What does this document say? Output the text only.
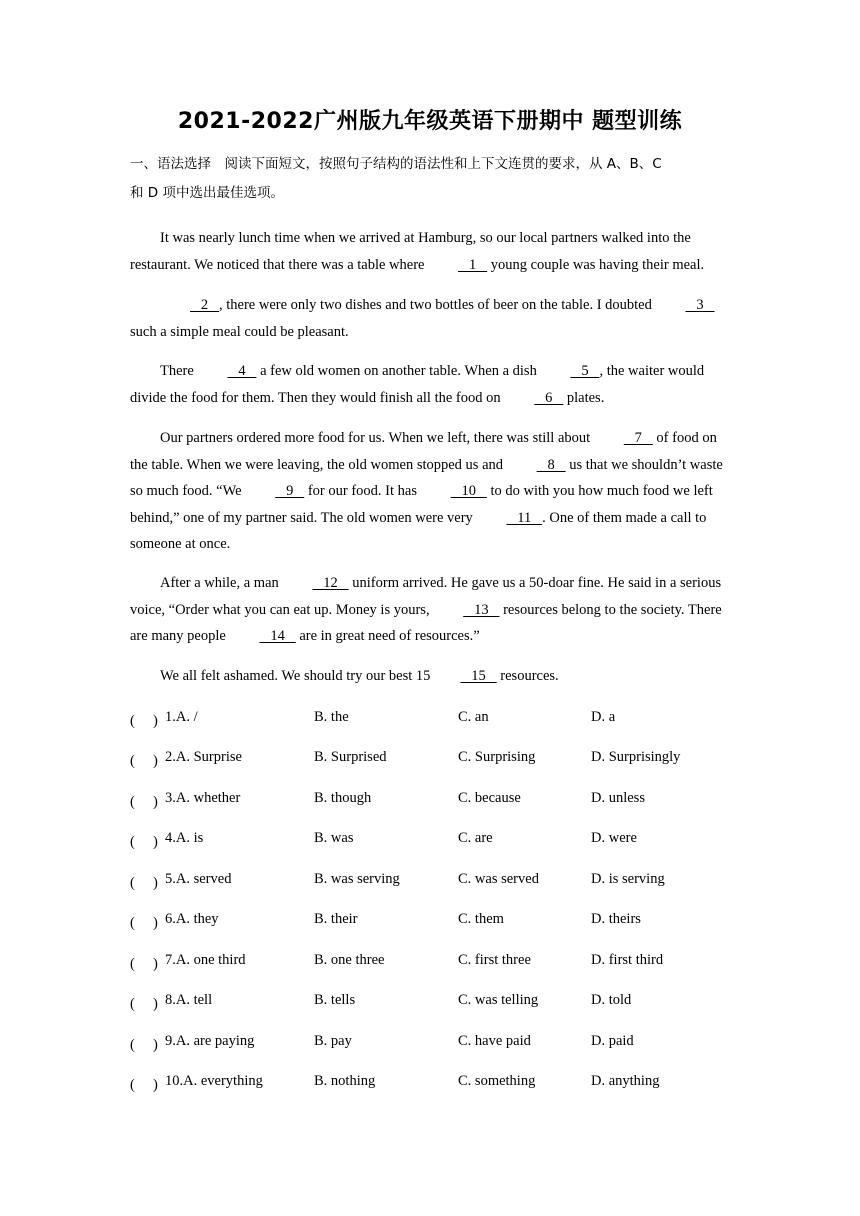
2021-2022广州版九年级英语下册期中 题型训练
一、语法选择　阅读下面短文，按照句子结构的语法性和上下文连贯的要求，从 A、B、C
和 D 项中选出最佳选项。
It was nearly lunch time when we arrived at Hamburg, so our local partners walked into the restaurant. We noticed that there was a table where    1    young couple was having their meal.
2   , there were only two dishes and two bottles of beer on the table. I doubted    3    such a simple meal could be pleasant.
There    4    a few old women on another table. When a dish    5   , the waiter would divide the food for them. Then they would finish all the food on    6    plates.
Our partners ordered more food for us. When we left, there was still about    7    of food on the table. When we were leaving, the old women stopped us and    8    us that we shouldn’t waste so much food. “We    9    for our food. It has    10    to do with you how much food we left behind,” one of my partner said. The old women were very    11   . One of them made a call to someone at once.
After a while, a man    12    uniform arrived. He gave us a 50-doar fine. He said in a serious voice, “Order what you can eat up. Money is yours,    13    resources belong to the society. There are many people    14    are in great need of resources.”
We all felt ashamed. We should try our best 15   15    resources.
(　 ) 1.A. /	B. the	C. an	D. a
(　 ) 2.A. Surprise	B. Surprised	C. Surprising	D. Surprisingly
(　 ) 3.A. whether	B. though	C. because	D. unless
(　 ) 4.A. is	B. was	C. are	D. were
(　 ) 5.A. served	B. was serving	C. was served	D. is serving
(　 ) 6.A. they	B. their	C. them	D. theirs
(　 ) 7.A. one third	B. one three	C. first three	D. first third
(　 ) 8.A. tell	B. tells	C. was telling	D. told
(　 ) 9.A. are paying	B. pay	C. have paid	D. paid
(　 ) 10.A. everything	B. nothing	C. something	D. anything
